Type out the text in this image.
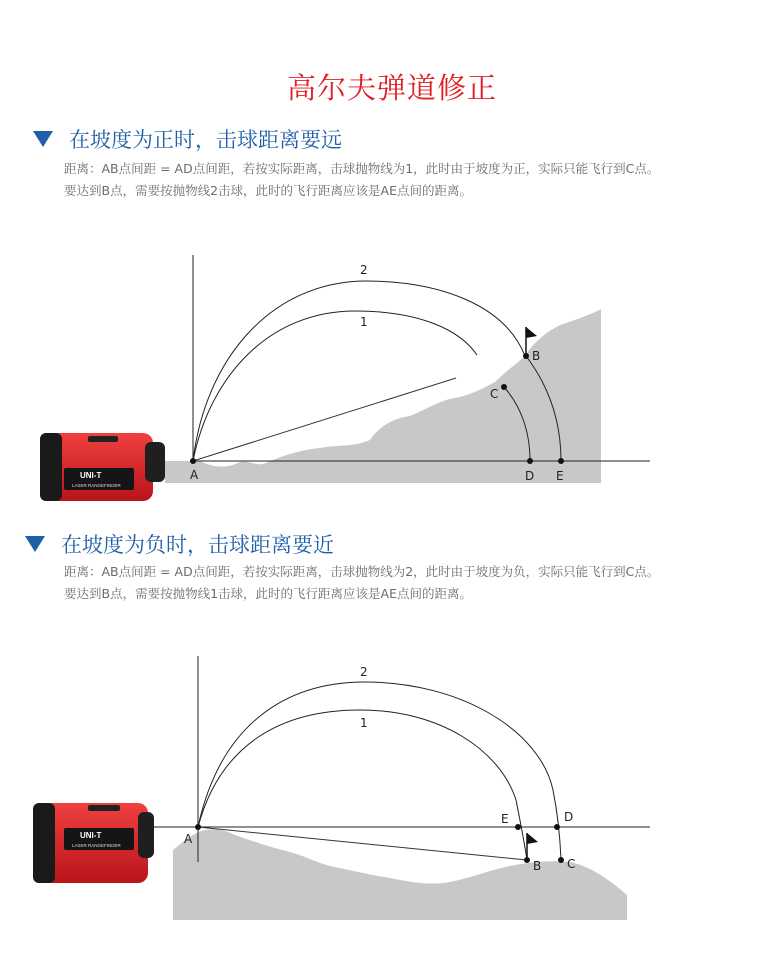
高尔夫弹道修正
在坡度为正时，击球距离要远
距离：AB点间距 = AD点间距，若按实际距离，击球抛物线为1，此时由于坡度为正，实际只能飞行到C点。
要达到B点，需要按抛物线2击球，此时的飞行距离应该是AE点间的距离。
在坡度为负时，击球距离要近
距离：AB点间距 = AD点间距，若按实际距离，击球抛物线为2，此时由于坡度为负，实际只能飞行到C点。
要达到B点，需要按抛物线1击球，此时的飞行距离应该是AE点间的距离。
2
1
A
B
C
D E
UNI-T
LASER RANGEFINDER
2
1
A
E	D
B C
UNI-T
LASER RANGEFINDER
